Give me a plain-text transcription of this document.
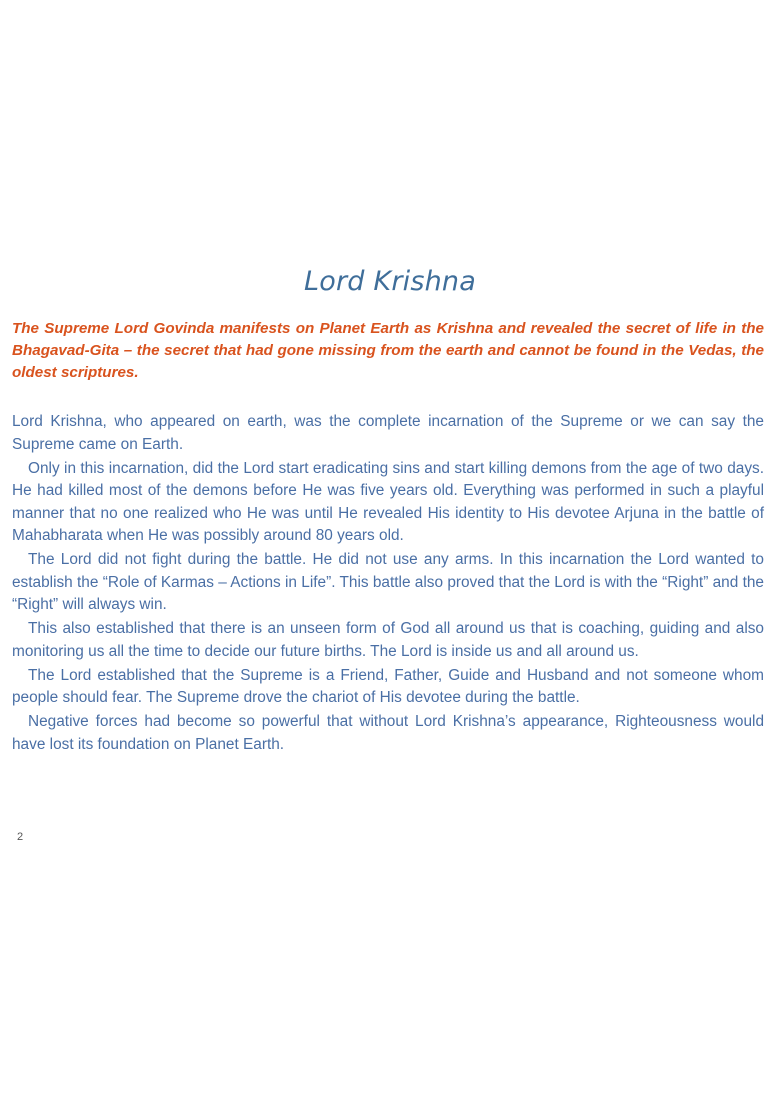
Lord Krishna
The Supreme Lord Govinda manifests on Planet Earth as Krishna and revealed the secret of life in the Bhagavad-Gita – the secret that had gone missing from the earth and cannot be found in the Vedas, the oldest scriptures.

Lord Krishna, who appeared on earth, was the complete incarnation of the Supreme or we can say the Supreme came on Earth.

Only in this incarnation, did the Lord start eradicating sins and start killing demons from the age of two days. He had killed most of the demons before He was five years old. Everything was performed in such a playful manner that no one realized who He was until He revealed His identity to His devotee Arjuna in the battle of Mahabharata when He was possibly around 80 years old.

The Lord did not fight during the battle. He did not use any arms. In this incarnation the Lord wanted to establish the “Role of Karmas – Actions in Life”. This battle also proved that the Lord is with the “Right” and the “Right” will always win.

This also established that there is an unseen form of God all around us that is coaching, guiding and also monitoring us all the time to decide our future births. The Lord is inside us and all around us.

The Lord established that the Supreme is a Friend, Father, Guide and Husband and not someone whom people should fear. The Supreme drove the chariot of His devotee during the battle.

Negative forces had become so powerful that without Lord Krishna’s appearance, Righteousness would have lost its foundation on Planet Earth.

2
